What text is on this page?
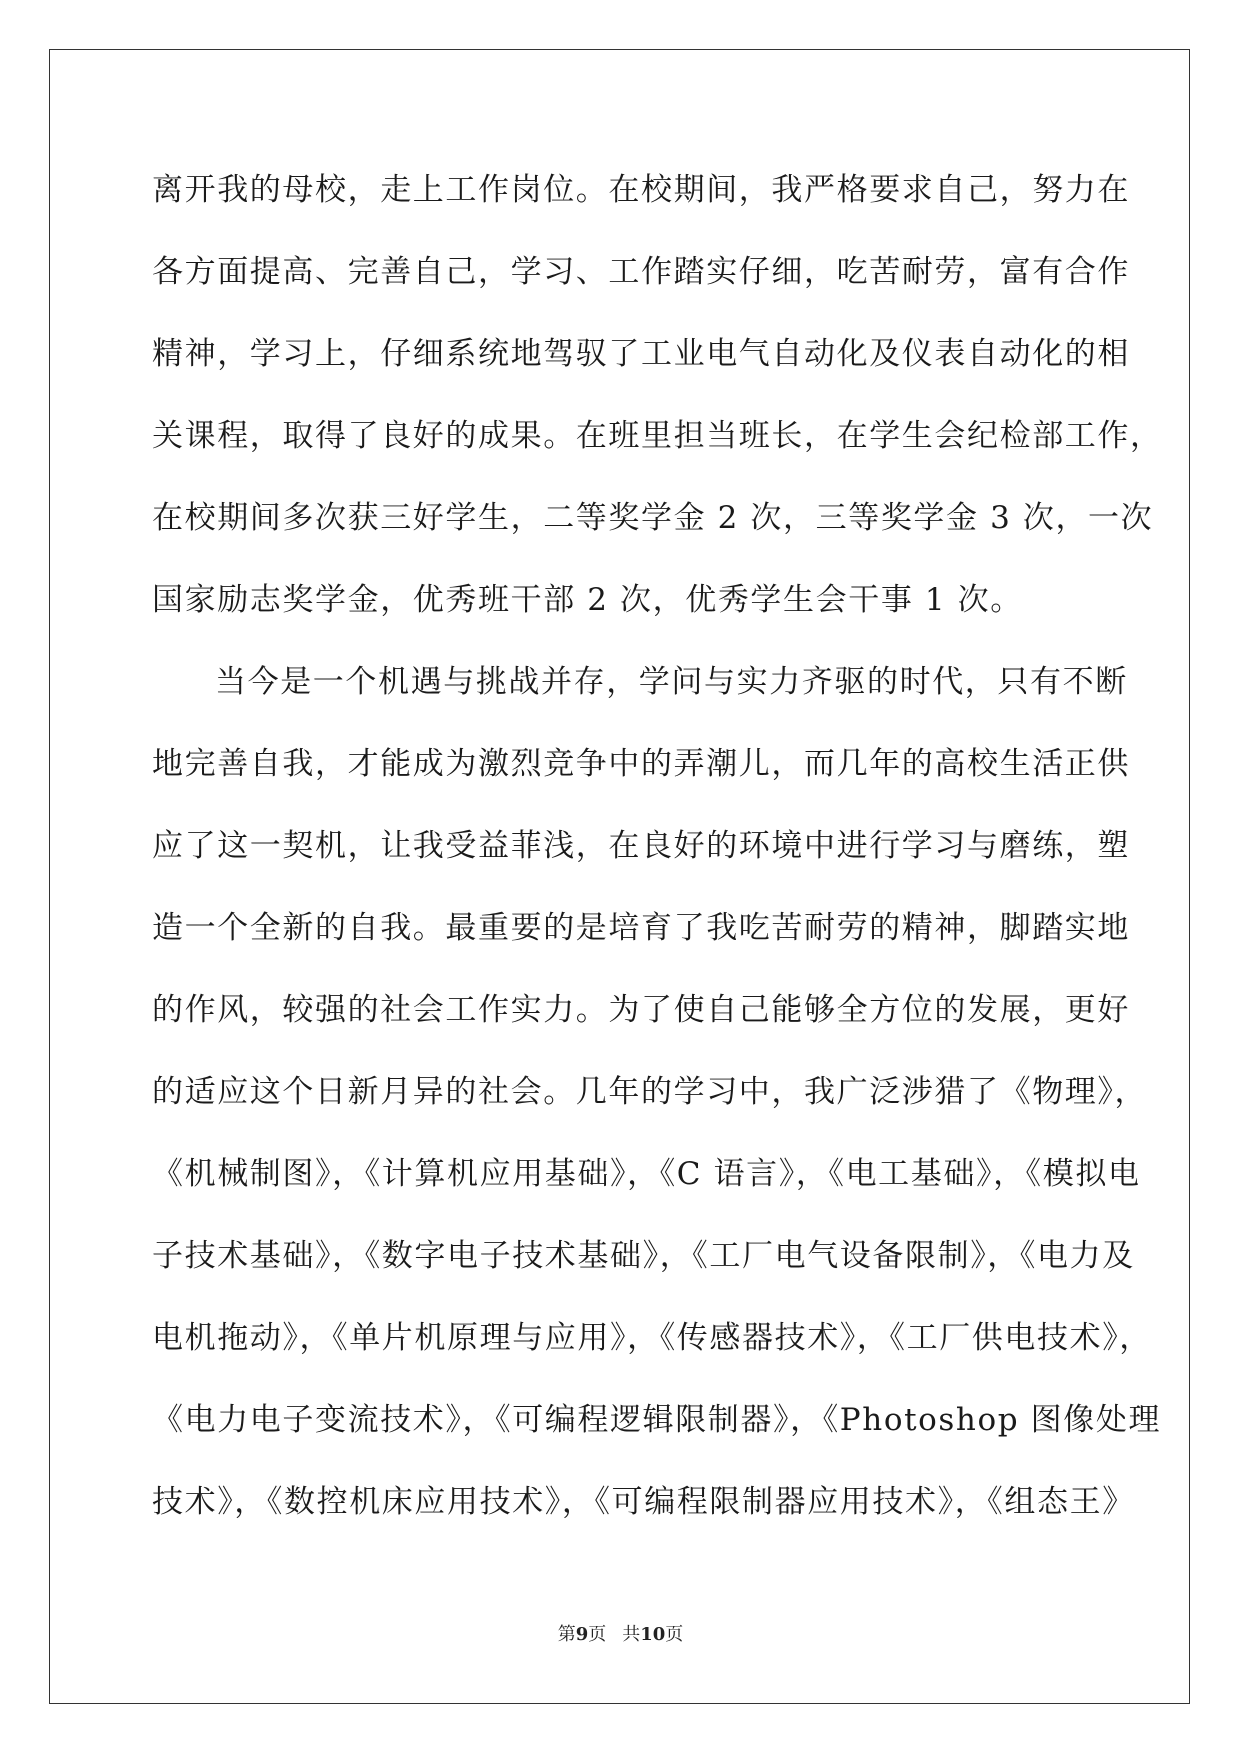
离开我的母校，走上工作岗位。在校期间，我严格要求自己，努力在
各方面提高、完善自己，学习、工作踏实仔细，吃苦耐劳，富有合作
精神，学习上，仔细系统地驾驭了工业电气自动化及仪表自动化的相
关课程，取得了良好的成果。在班里担当班长，在学生会纪检部工作，
在校期间多次获三好学生，二等奖学金 2 次，三等奖学金 3 次，一次
国家励志奖学金，优秀班干部 2 次，优秀学生会干事 1 次。
当今是一个机遇与挑战并存，学问与实力齐驱的时代，只有不断
地完善自我，才能成为激烈竞争中的弄潮儿，而几年的高校生活正供
应了这一契机，让我受益菲浅，在良好的环境中进行学习与磨练，塑
造一个全新的自我。最重要的是培育了我吃苦耐劳的精神，脚踏实地
的作风，较强的社会工作实力。为了使自己能够全方位的发展，更好
的适应这个日新月异的社会。几年的学习中，我广泛涉猎了《物理》，
《机械制图》，《计算机应用基础》，《C 语言》，《电工基础》，《模拟电
子技术基础》，《数字电子技术基础》，《工厂电气设备限制》，《电力及
电机拖动》，《单片机原理与应用》，《传感器技术》，《工厂供电技术》，
《电力电子变流技术》，《可编程逻辑限制器》，《Photoshop 图像处理
技术》，《数控机床应用技术》，《可编程限制器应用技术》，《组态王》
第9页 共10页
